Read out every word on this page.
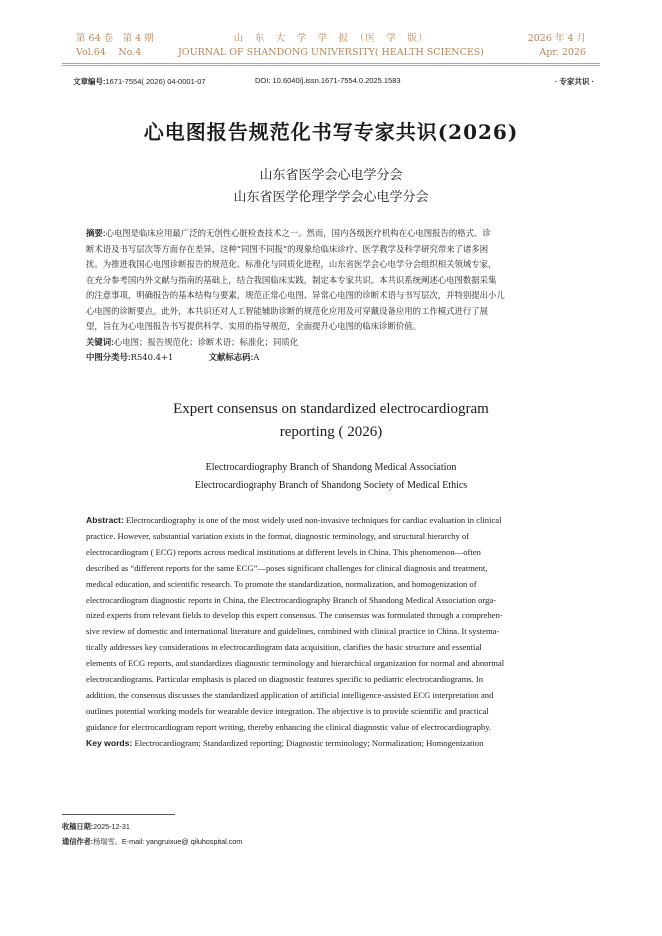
第 64 卷　第 4 期
Vol.64　 No.4
山　东　大　学　学　报　（医　学　版）
JOURNAL OF SHANDONG UNIVERSITY( HEALTH SCIENCES)
2026 年 4 月
Apr. 2026
文章编号:1671-7554( 2026) 04-0001-07	DOI: 10.6040/j.issn.1671-7554.0.2025.1583	· 专家共识 ·
心电图报告规范化书写专家共识(2026)
山东省医学会心电学分会
山东省医学伦理学学会心电学分会
摘要:心电图是临床应用最广泛的无创性心脏检查技术之一。然而，国内各级医疗机构在心电图报告的格式、诊
断术语及书写层次等方面存在差异，这种“同图不同报”的现象给临床诊疗、医学教学及科学研究带来了诸多困
扰。为推进我国心电图诊断报告的规范化、标准化与同质化进程，山东省医学会心电学分会组织相关领域专家，
在充分参考国内外文献与指南的基础上，结合我国临床实践，制定本专家共识。本共识系统阐述心电图数据采集
的注意事项，明确报告的基本结构与要素，规范正常心电图、异常心电图的诊断术语与书写层次，并特别提出小儿
心电图的诊断要点。此外，本共识还对人工智能辅助诊断的规范化应用及可穿戴设备应用的工作模式进行了展
望，旨在为心电图报告书写提供科学、实用的指导规范，全面提升心电图的临床诊断价值。
关键词:心电图；报告规范化；诊断术语；标准化；同质化
中图分类号:R540.4+1	文献标志码:A
Expert consensus on standardized electrocardiogram
reporting ( 2026)
Electrocardiography Branch of Shandong Medical Association
Electrocardiography Branch of Shandong Society of Medical Ethics
Abstract: Electrocardiography is one of the most widely used non-invasive techniques for cardiac evaluation in clinical
practice. However, substantial variation exists in the format, diagnostic terminology, and structural hierarchy of
electrocardiogram ( ECG) reports across medical institutions at different levels in China. This phenomenon—often
described as “different reports for the same ECG”—poses significant challenges for clinical diagnosis and treatment,
medical education, and scientific research. To promote the standardization, normalization, and homogenization of
electrocardiogram diagnostic reports in China, the Electrocardiography Branch of Shandong Medical Association orga-
nized experts from relevant fields to develop this expert consensus. The consensus was formulated through a comprehen-
sive review of domestic and international literature and guidelines, combined with clinical practice in China. It systema-
tically addresses key considerations in electrocardiogram data acquisition, clarifies the basic structure and essential
elements of ECG reports, and standardizes diagnostic terminology and hierarchical organization for normal and abnormal
electrocardiograms. Particular emphasis is placed on diagnostic features specific to pediatric electrocardiograms. In
addition, the consensus discusses the standardized application of artificial intelligence-assisted ECG interpretation and
outlines potential working models for wearable device integration. The objective is to provide scientific and practical
guidance for electrocardiogram report writing, thereby enhancing the clinical diagnostic value of electrocardiography.
Key words: Electrocardiogram; Standardized reporting; Diagnostic terminology; Normalization; Homogenization
收稿日期:2025-12-31
通信作者:杨瑞雪。E-mail: yangruixue@ qiluhospital.com
